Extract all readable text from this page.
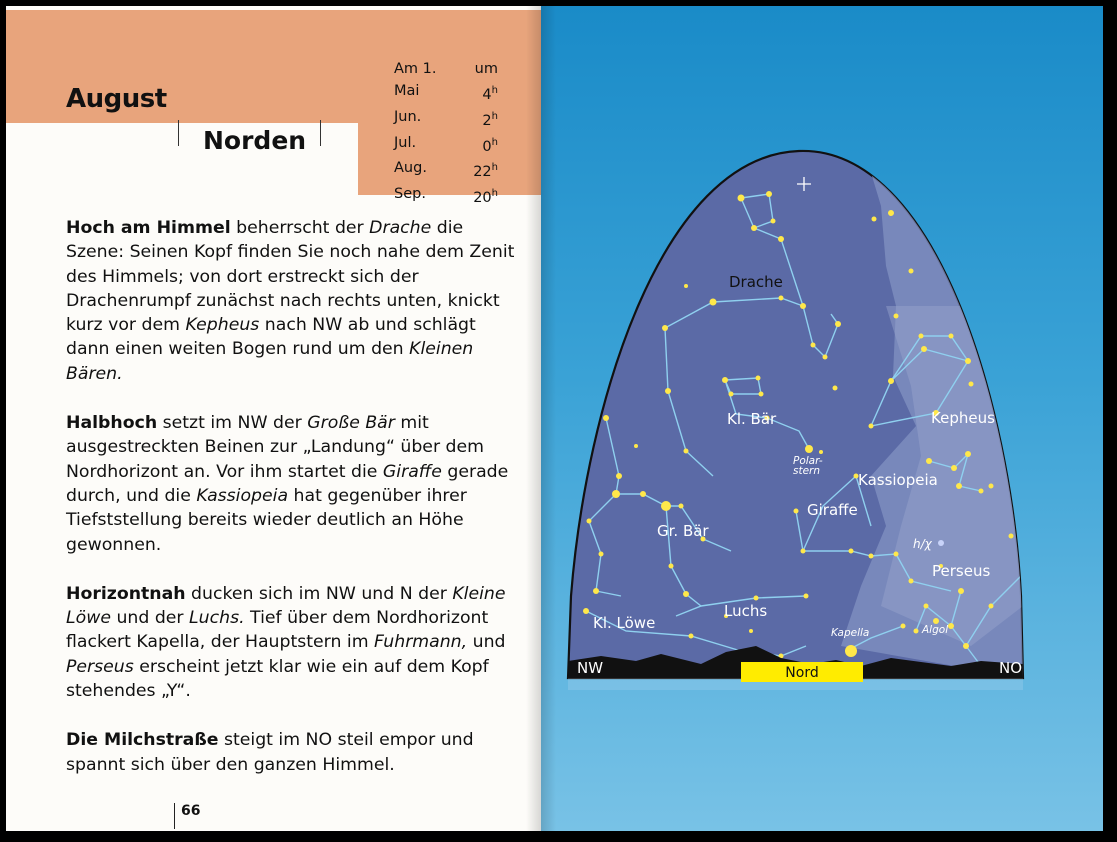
August
Norden
Am 1.	um
Mai	4$^h$
Jun.	2$^h$
Jul.	0$^h$
Aug.	22$^h$
Sep.	20$^h$

Hoch am Himmel beherrscht der Drache die Szene: Seinen Kopf finden Sie noch nahe dem Zenit des Himmels; von dort erstreckt sich der Drachenrumpf zunächst nach rechts unten, knickt kurz vor dem Kepheus nach NW ab und schlägt dann einen weiten Bogen rund um den Kleinen Bären.

Halbhoch setzt im NW der Große Bär mit ausgestreckten Beinen zur „Landung“ über dem Nordhorizont an. Vor ihm startet die Giraffe gerade durch, und die Kassiopeia hat gegenüber ihrer Tiefststellung bereits wieder deutlich an Höhe gewonnen.

Horizontnah ducken sich im NW und N der Kleine Löwe und der Luchs. Tief über dem Nordhorizont flackert Kapella, der Hauptstern im Fuhrmann, und Perseus erscheint jetzt klar wie ein auf dem Kopf stehendes „Y“.

Die Milchstraße steigt im NO steil empor und spannt sich über den ganzen Himmel.

66
Drache
Kl. Bär	Kepheus
Kassiopeia
Giraffe
Gr. Bär
Perseus
Luchs
Kl. Löwe
Polar- stern
h/χ
Kapella	Algol
NW	NO
Nord
